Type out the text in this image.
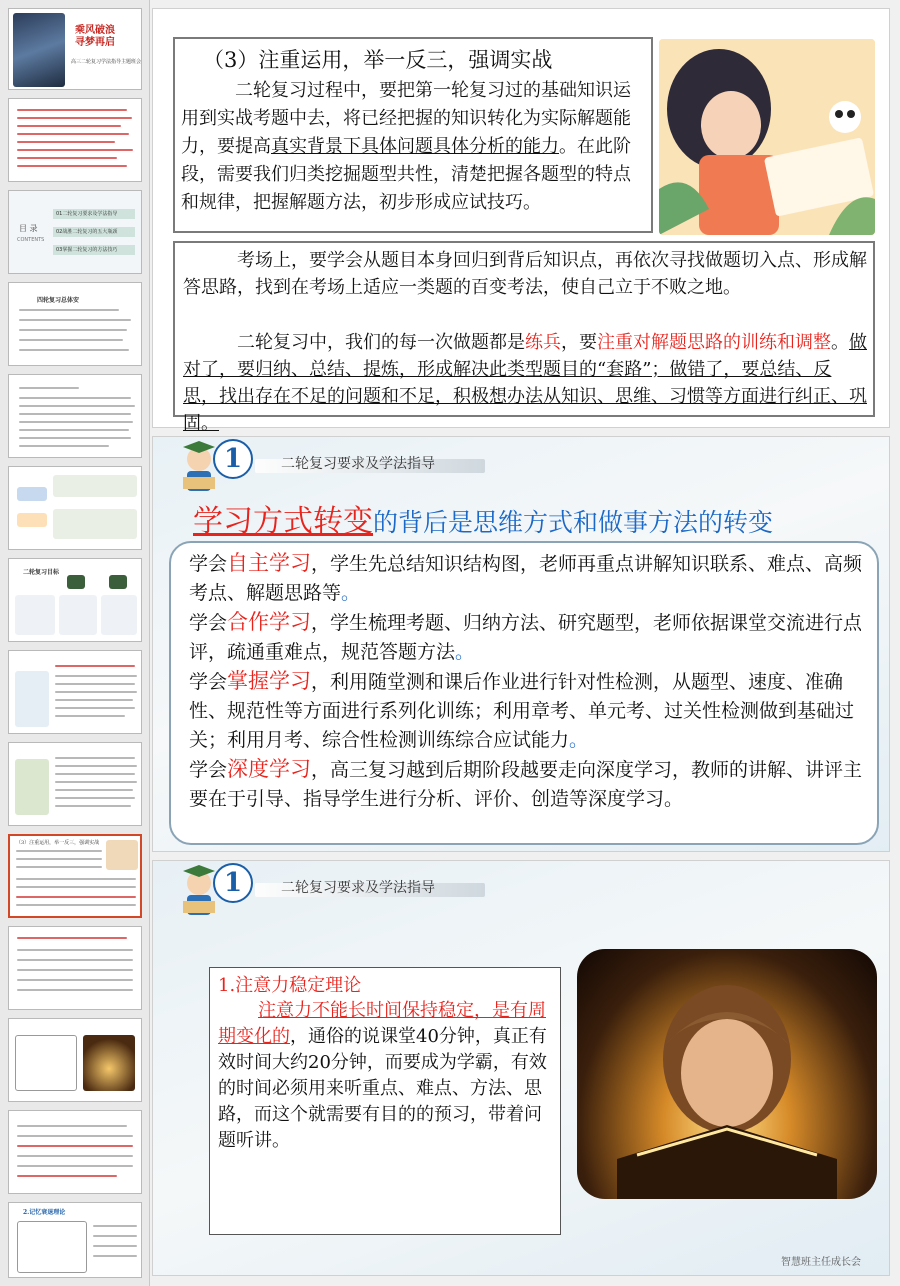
乘风破浪
寻梦再启
高三二轮复习学法指导主题班会
目 录
CONTENTS
01二轮复习要求及学法指导
02战胜二轮复习的五大瓶颈
03掌握二轮复习的方法技巧
四轮复习总体安
二轮复习目标
（3）注重运用，举一反三，强调实战
2.记忆衰退理论
（3）注重运用，举一反三，强调实战
二轮复习过程中，要把第一轮复习过的基础知识运用到实战考题中去，将已经把握的知识转化为实际解题能力，要提高真实背景下具体问题具体分析的能力。在此阶段，需要我们归类挖掘题型共性，清楚把握各题型的特点和规律，把握解题方法，初步形成应试技巧。
考场上，要学会从题目本身回归到背后知识点，再依次寻找做题切入点、形成解答思路，找到在考场上适应一类题的百变考法，使自己立于不败之地。
二轮复习中，我们的每一次做题都是练兵，要注重对解题思路的训练和调整。做对了，要归纳、总结、提炼，形成解决此类型题目的“套路”；做错了，要总结、反思，找出存在不足的问题和不足，积极想办法从知识、思维、习惯等方面进行纠正、巩固。
1	二轮复习要求及学法指导
学习方式转变的背后是思维方式和做事方法的转变
学会自主学习，学生先总结知识结构图，老师再重点讲解知识联系、难点、高频考点、解题思路等。
学会合作学习，学生梳理考题、归纳方法、研究题型，老师依据课堂交流进行点评，疏通重难点，规范答题方法。
学会掌握学习，利用随堂测和课后作业进行针对性检测，从题型、速度、准确性、规范性等方面进行系列化训练；利用章考、单元考、过关性检测做到基础过关；利用月考、综合性检测训练综合应试能力。
学会深度学习，高三复习越到后期阶段越要走向深度学习，教师的讲解、讲评主要在于引导、指导学生进行分析、评价、创造等深度学习。
1	二轮复习要求及学法指导
1.注意力稳定理论
注意力不能长时间保持稳定，是有周期变化的，通俗的说课堂40分钟，真正有效时间大约20分钟，而要成为学霸，有效的时间必须用来听重点、难点、方法、思路，而这个就需要有目的的预习，带着问题听讲。
智慧班主任成长会
